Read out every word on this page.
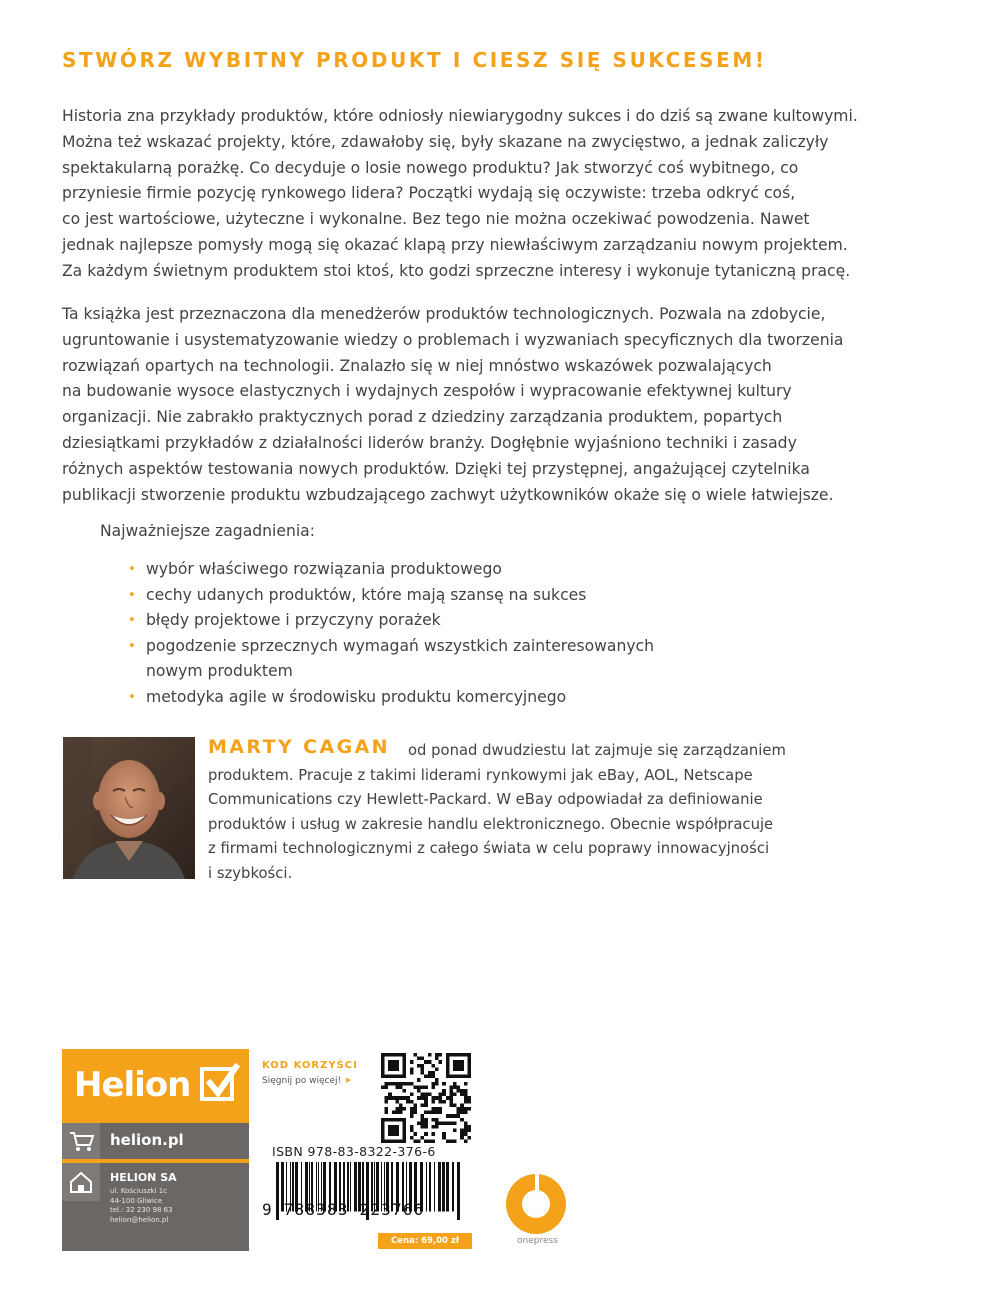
STWÓRZ WYBITNY PRODUKT I CIESZ SIĘ SUKCESEM!
Historia zna przykłady produktów, które odniosły niewiarygodny sukces i do dziś są zwane kultowymi.
Można też wskazać projekty, które, zdawałoby się, były skazane na zwycięstwo, a jednak zaliczyły
spektakularną porażkę. Co decyduje o losie nowego produktu? Jak stworzyć coś wybitnego, co
przyniesie firmie pozycję rynkowego lidera? Początki wydają się oczywiste: trzeba odkryć coś,
co jest wartościowe, użyteczne i wykonalne. Bez tego nie można oczekiwać powodzenia. Nawet
jednak najlepsze pomysły mogą się okazać klapą przy niewłaściwym zarządzaniu nowym projektem.
Za każdym świetnym produktem stoi ktoś, kto godzi sprzeczne interesy i wykonuje tytaniczną pracę.
Ta książka jest przeznaczona dla menedżerów produktów technologicznych. Pozwala na zdobycie,
ugruntowanie i usystematyzowanie wiedzy o problemach i wyzwaniach specyficznych dla tworzenia
rozwiązań opartych na technologii. Znalazło się w niej mnóstwo wskazówek pozwalających
na budowanie wysoce elastycznych i wydajnych zespołów i wypracowanie efektywnej kultury
organizacji. Nie zabrakło praktycznych porad z dziedziny zarządzania produktem, popartych
dziesiątkami przykładów z działalności liderów branży. Dogłębnie wyjaśniono techniki i zasady
różnych aspektów testowania nowych produktów. Dzięki tej przystępnej, angażującej czytelnika
publikacji stworzenie produktu wzbudzającego zachwyt użytkowników okaże się o wiele łatwiejsze.
Najważniejsze zagadnienia:
• wybór właściwego rozwiązania produktowego
• cechy udanych produktów, które mają szansę na sukces
• błędy projektowe i przyczyny porażek
• pogodzenie sprzecznych wymagań wszystkich zainteresowanych
nowym produktem
• metodyka agile w środowisku produktu komercyjnego
MARTY CAGAN	od ponad dwudziestu lat zajmuje się zarządzaniem
produktem. Pracuje z takimi liderami rynkowymi jak eBay, AOL, Netscape
Communications czy Hewlett-Packard. W eBay odpowiadał za definiowanie
produktów i usług w zakresie handlu elektronicznego. Obecnie współpracuje
z firmami technologicznymi z całego świata w celu poprawy innowacyjności
i szybkości.
Helion
helion.pl
HELION SA
ul. Kościuszki 1c
44-100 Gliwice
tel.: 32 230 98 63
helion@helion.pl
KOD KORZYŚCI
Sięgnij po więcej! ➤
ISBN 978-83-8322-376-6
9 788383 223766
Cena: 69,00 zł	onepress
